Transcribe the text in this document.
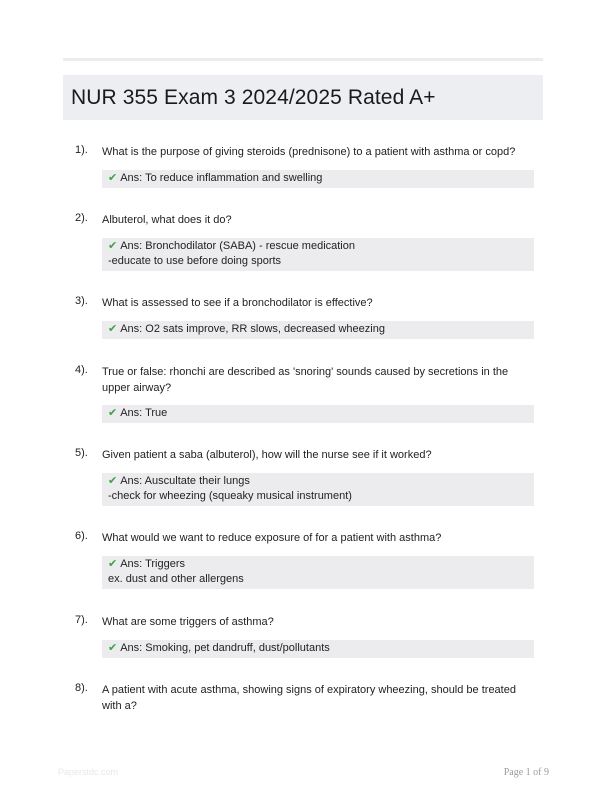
NUR 355 Exam 3 2024/2025 Rated A+
1). What is the purpose of giving steroids (prednisone) to a patient with asthma or copd?
✔ Ans: To reduce inflammation and swelling
2). Albuterol, what does it do?
✔ Ans: Bronchodilator (SABA) - rescue medication
-educate to use before doing sports
3). What is assessed to see if a bronchodilator is effective?
✔ Ans: O2 sats improve, RR slows, decreased wheezing
4). True or false: rhonchi are described as 'snoring' sounds caused by secretions in the upper airway?
✔ Ans: True
5). Given patient a saba (albuterol), how will the nurse see if it worked?
✔ Ans: Auscultate their lungs
-check for wheezing (squeaky musical instrument)
6). What would we want to reduce exposure of for a patient with asthma?
✔ Ans: Triggers
ex. dust and other allergens
7). What are some triggers of asthma?
✔ Ans: Smoking, pet dandruff, dust/pollutants
8). A patient with acute asthma, showing signs of expiratory wheezing, should be treated with a?
Paperstdc.com	Page 1 of 9
